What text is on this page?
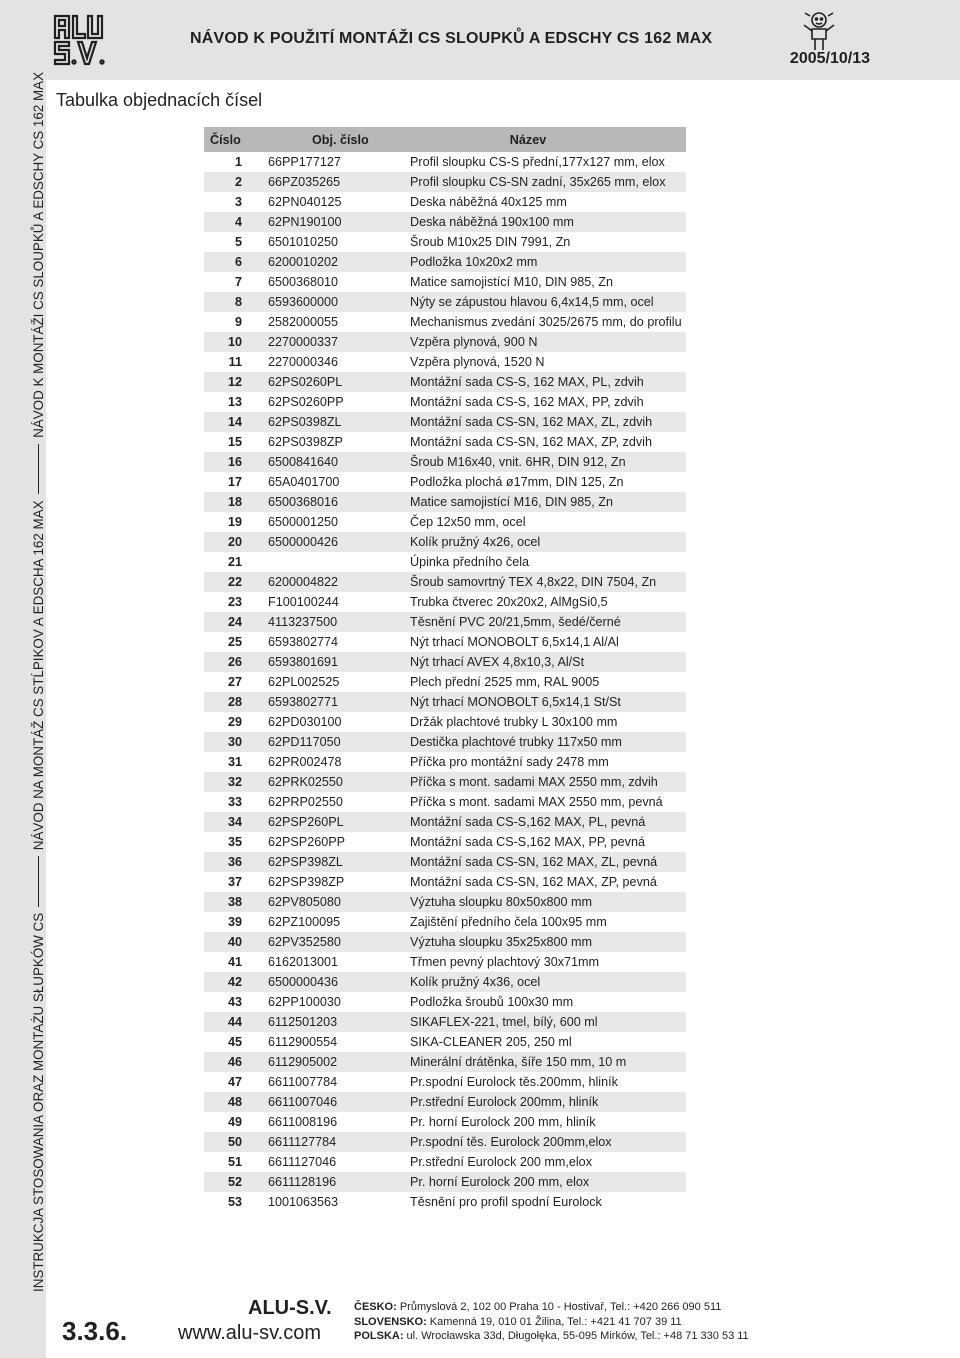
NÁVOD K POUŽITÍ MONTÁŽI CS SLOUPKŮ A EDSCHY CS 162 MAX
2005/10/13
INSTRUKCJA STOSOWANIA ORAZ MONTAŻU SŁUPKÓW CS
NÁVOD NA MONTÁŽ CS STĹPIKOV A EDSCHA 162 MAX
NÁVOD K MONTÁŽI CS SLOUPKŮ A EDSCHY CS 162 MAX Tabulka objednacích čísel
Číslo	Obj. číslo	Název
1	66PP177127	Profil sloupku CS-S přední,177x127 mm, elox
2	66PZ035265	Profil sloupku CS-SN zadní, 35x265 mm, elox
3	62PN040125	Deska náběžná 40x125 mm
4	62PN190100	Deska náběžná 190x100 mm
5	6501010250	Šroub M10x25 DIN 7991, Zn
6	6200010202	Podložka 10x20x2 mm
7	6500368010	Matice samojistící M10, DIN 985, Zn
8	6593600000	Nýty se zápustou hlavou 6,4x14,5 mm, ocel
9	2582000055	Mechanismus zvedání 3025/2675 mm, do profilu
10	2270000337	Vzpěra plynová, 900 N
11	2270000346	Vzpěra plynová, 1520 N
12	62PS0260PL	Montážní sada CS-S, 162 MAX, PL, zdvih
13	62PS0260PP	Montážní sada CS-S, 162 MAX, PP, zdvih
14	62PS0398ZL	Montážní sada CS-SN, 162 MAX, ZL, zdvih
15	62PS0398ZP	Montážní sada CS-SN, 162 MAX, ZP, zdvih
16	6500841640	Šroub M16x40, vnit. 6HR, DIN 912, Zn
17	65A0401700	Podložka plochá ø17mm, DIN 125, Zn
18	6500368016	Matice samojistící M16, DIN 985, Zn
19	6500001250	Čep 12x50 mm, ocel
20	6500000426	Kolík pružný 4x26, ocel
21		Úpinka předního čela
22	6200004822	Šroub samovrtný TEX 4,8x22, DIN 7504, Zn
23	F100100244	Trubka čtverec 20x20x2, AlMgSi0,5
24	4113237500	Těsnění PVC 20/21,5mm, šedé/černé
25	6593802774	Nýt trhací MONOBOLT 6,5x14,1 Al/Al
26	6593801691	Nýt trhací AVEX 4,8x10,3, Al/St
27	62PL002525	Plech přední 2525 mm, RAL 9005
28	6593802771	Nýt trhací MONOBOLT 6,5x14,1 St/St
29	62PD030100	Držák plachtové trubky L 30x100 mm
30	62PD117050	Destička plachtové trubky 117x50 mm
31	62PR002478	Příčka pro montážní sady 2478 mm
32	62PRK02550	Příčka s mont. sadami MAX 2550 mm, zdvih
33	62PRP02550	Příčka s mont. sadami MAX 2550 mm, pevná
34	62PSP260PL	Montážní sada CS-S,162 MAX, PL, pevná
35	62PSP260PP	Montážní sada CS-S,162 MAX, PP, pevná
36	62PSP398ZL	Montážní sada CS-SN, 162 MAX, ZL, pevná
37	62PSP398ZP	Montážní sada CS-SN, 162 MAX, ZP, pevná
38	62PV805080	Výztuha sloupku 80x50x800 mm
39	62PZ100095	Zajištění předního čela 100x95 mm
40	62PV352580	Výztuha sloupku 35x25x800 mm
41	6162013001	Třmen pevný plachtový 30x71mm
42	6500000436	Kolík pružný 4x36, ocel
43	62PP100030	Podložka šroubů 100x30 mm
44	6112501203	SIKAFLEX-221, tmel, bílý, 600 ml
45	6112900554	SIKA-CLEANER 205, 250 ml
46	6112905002	Minerální drátěnka, šíře 150 mm, 10 m
47	6611007784	Pr.spodní Eurolock těs.200mm, hliník
48	6611007046	Pr.střední Eurolock 200mm, hliník
49	6611008196	Pr. horní Eurolock 200 mm, hliník
50	6611127784	Pr.spodní těs. Eurolock 200mm,elox
51	6611127046	Pr.střední Eurolock 200 mm,elox
52	6611128196	Pr. horní Eurolock 200 mm, elox
53	1001063563	Těsnění pro profil spodní Eurolock
3.3.6.
ALU-S.V.
www.alu-sv.com
ČESKO: Průmyslová 2, 102 00 Praha 10 - Hostivař, Tel.: +420 266 090 511
SLOVENSKO: Kamenná 19, 010 01 Žilina, Tel.: +421 41 707 39 11
POLSKA: ul. Wrocławska 33d, Długołęka, 55-095 Mirków, Tel.: +48 71 330 53 11
